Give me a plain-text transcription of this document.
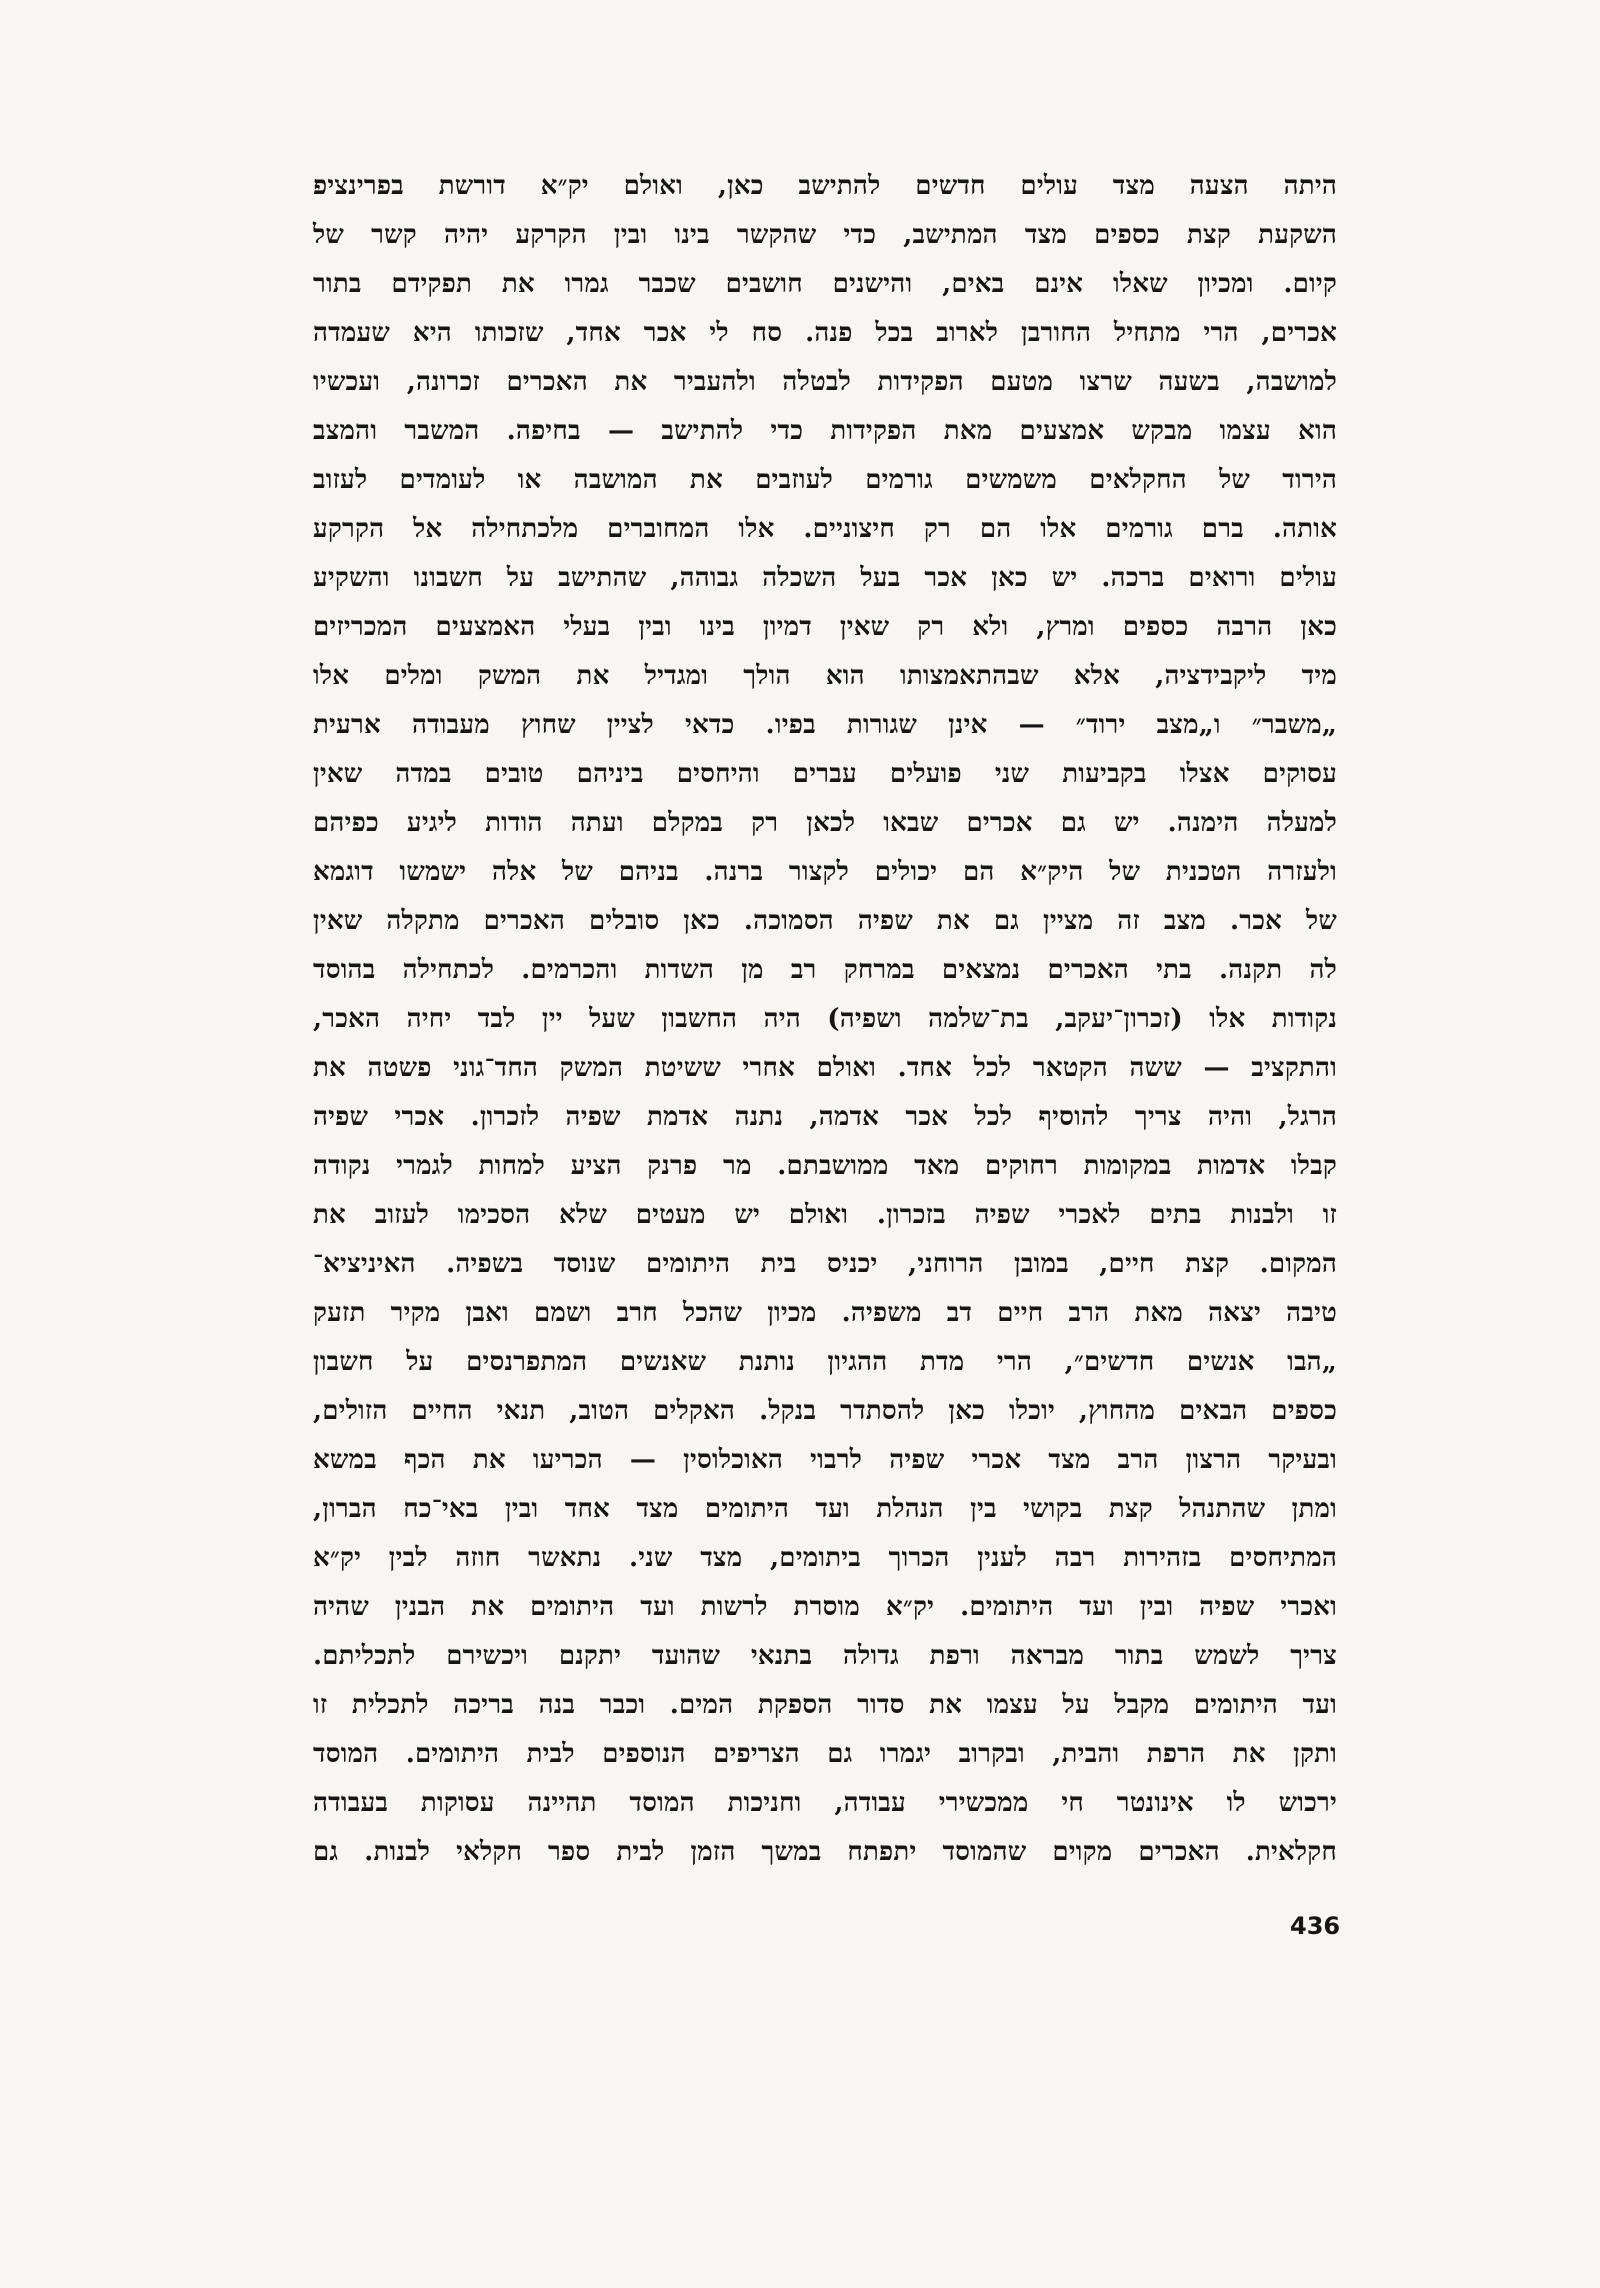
היתה הצעה מצד עולים חדשים להתישב כאן, ואולם יק״א דורשת בפרינציפ
השקעת קצת כספים מצד המתישב, כדי שהקשר בינו ובין הקרקע יהיה קשר של
קיום. ומכיון שאלו אינם באים, והישנים חושבים שכבר גמרו את תפקידם בתור
אכרים, הרי מתחיל החורבן לארוב בכל פנה. סח לי אכר אחד, שזכותו היא שעמדה
למושבה, בשעה שרצו מטעם הפקידות לבטלה ולהעביר את האכרים זכרונה, ועכשיו
הוא עצמו מבקש אמצעים מאת הפקידות כדי להתישב — בחיפה. המשבר והמצב
הירוד של החקלאים משמשים גורמים לעוזבים את המושבה או לעומדים לעזוב
אותה. ברם גורמים אלו הם רק חיצוניים. אלו המחוברים מלכתחילה אל הקרקע
עולים ורואים ברכה. יש כאן אכר בעל השכלה גבוהה, שהתישב על חשבונו והשקיע
כאן הרבה כספים ומרץ, ולא רק שאין דמיון בינו ובין בעלי האמצעים המכריזים
מיד ליקבידציה, אלא שבהתאמצותו הוא הולך ומגדיל את המשק ומלים אלו
„משבר״ ו„מצב ירוד״ — אינן שגורות בפיו. כדאי לציין שחוץ מעבודה ארעית
עסוקים אצלו בקביעות שני פועלים עברים והיחסים ביניהם טובים במדה שאין
למעלה הימנה. יש גם אכרים שבאו לכאן רק במקלם ועתה הודות ליגיע כפיהם
ולעזרה הטכנית של היק״א הם יכולים לקצור ברנה. בניהם של אלה ישמשו דוגמא
של אכר. מצב זה מציין גם את שפיה הסמוכה. כאן סובלים האכרים מתקלה שאין
לה תקנה. בתי האכרים נמצאים במרחק רב מן השדות והכרמים. לכתחילה בהוסד
נקודות אלו (זכרון־יעקב, בת־שלמה ושפיה) היה החשבון שעל יין לבד יחיה האכר,
והתקציב — ששה הקטאר לכל אחד. ואולם אחרי ששיטת המשק החד־גוני פשטה את
הרגל, והיה צריך להוסיף לכל אכר אדמה, נתנה אדמת שפיה לזכרון. אכרי שפיה
קבלו אדמות במקומות רחוקים מאד ממושבתם. מר פרנק הציע למחות לגמרי נקודה
זו ולבנות בתים לאכרי שפיה בזכרון. ואולם יש מעטים שלא הסכימו לעזוב את
המקום. קצת חיים, במובן הרוחני, יכניס בית היתומים שנוסד בשפיה. האיניציא־
טיבה יצאה מאת הרב חיים דב משפיה. מכיון שהכל חרב ושמם ואבן מקיר תזעק
„הבו אנשים חדשים״, הרי מדת ההגיון נותנת שאנשים המתפרנסים על חשבון
כספים הבאים מהחוץ, יוכלו כאן להסתדר בנקל. האקלים הטוב, תנאי החיים הזולים,
ובעיקר הרצון הרב מצד אכרי שפיה לרבוי האוכלוסין — הכריעו את הכף במשא
ומתן שהתנהל קצת בקושי בין הנהלת ועד היתומים מצד אחד ובין באי־כח הברון,
המתיחסים בזהירות רבה לענין הכרוך ביתומים, מצד שני. נתאשר חוזה לבין יק״א
ואכרי שפיה ובין ועד היתומים. יק״א מוסרת לרשות ועד היתומים את הבנין שהיה
צריך לשמש בתור מבראה ורפת גדולה בתנאי שהועד יתקנם ויכשירם לתכליתם.
ועד היתומים מקבל על עצמו את סדור הספקת המים. וכבר בנה בריכה לתכלית זו
ותקן את הרפת והבית, ובקרוב יגמרו גם הצריפים הנוספים לבית היתומים. המוסד
ירכוש לו אינונטר חי ממכשירי עבודה, וחניכות המוסד תהיינה עסוקות בעבודה
חקלאית. האכרים מקוים שהמוסד יתפתח במשך הזמן לבית ספר חקלאי לבנות. גם
436
